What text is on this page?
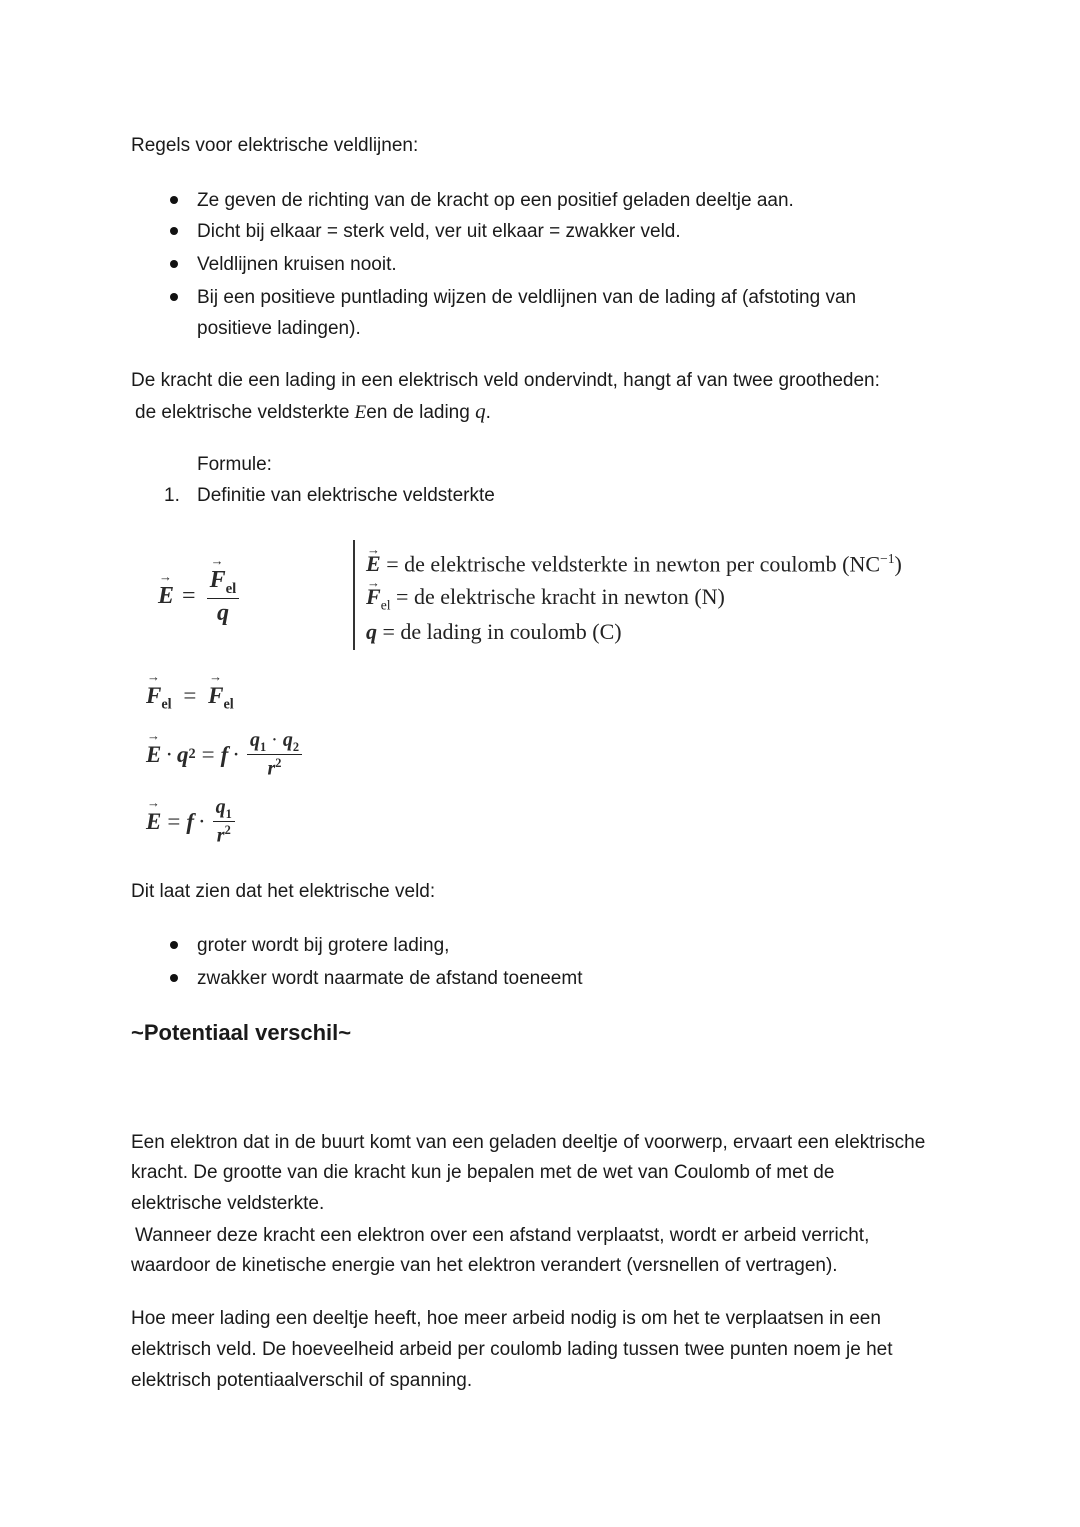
Regels voor elektrische veldlijnen:
Ze geven de richting van de kracht op een positief geladen deeltje aan.
Dicht bij elkaar = sterk veld, ver uit elkaar = zwakker veld.
Veldlijnen kruisen nooit.
Bij een positieve puntlading wijzen de veldlijnen van de lading af (afstoting van
positieve ladingen).
De kracht die een lading in een elektrisch veld ondervindt, hangt af van twee grootheden:
de elektrische veldsterkte Een de lading q.
Formule:
1. Definitie van elektrische veldsterkte
→ E = → $\frac{F_{el}}{q}$
→ E = de elektrische veldsterkte in newton per coulomb $(NC^{-1})$
→ $F_{el}$ = de elektrische kracht in newton (N)
q = de lading in coulomb (C)
→ $F_{el}$ = → $F_{el}$
→ E · q $2 = f \cdot \frac{q_1 \cdot q_2}{r^2}$
→ $E = f \cdot \frac{q_1}{r^2}$
Dit laat zien dat het elektrische veld:
groter wordt bij grotere lading,
zwakker wordt naarmate de afstand toeneemt
~Potentiaal verschil~
Een elektron dat in de buurt komt van een geladen deeltje of voorwerp, ervaart een elektrische
kracht. De grootte van die kracht kun je bepalen met de wet van Coulomb of met de
elektrische veldsterkte.
Wanneer deze kracht een elektron over een afstand verplaatst, wordt er arbeid verricht,
waardoor de kinetische energie van het elektron verandert (versnellen of vertragen).
Hoe meer lading een deeltje heeft, hoe meer arbeid nodig is om het te verplaatsen in een
elektrisch veld. De hoeveelheid arbeid per coulomb lading tussen twee punten noem je het
elektrisch potentiaalverschil of spanning.
